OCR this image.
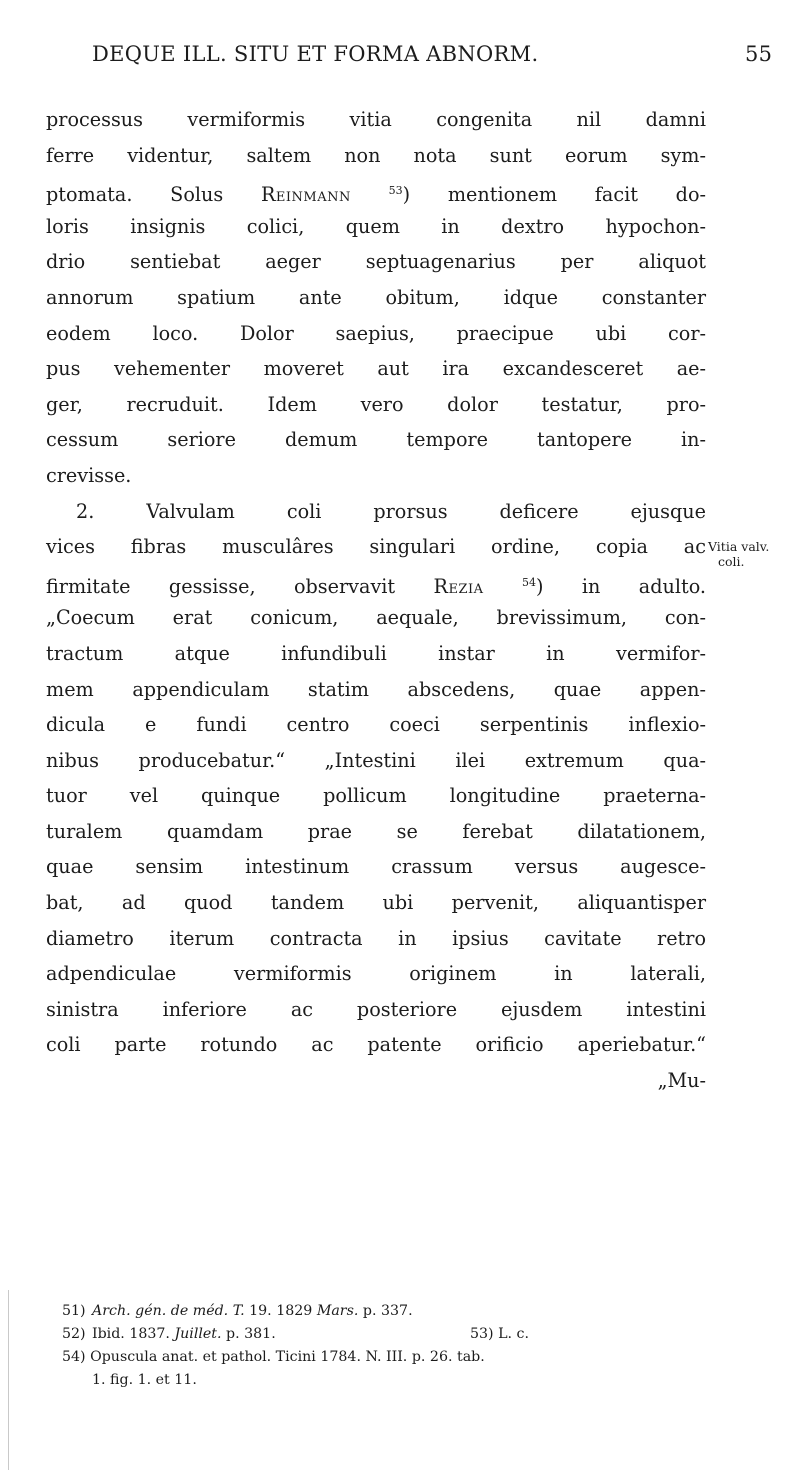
DEQUE ILL. SITU ET FORMA ABNORM.	55
processus vermiformis vitia congenita nil damni
ferre videntur, saltem non nota sunt eorum sym-
ptomata. Solus Reinmann	$^{53}$) mentionem facit do-
loris insignis colici, quem in dextro hypochon-
drio sentiebat aeger septuagenarius per aliquot
annorum spatium ante obitum, idque constanter
eodem loco. Dolor saepius, praecipue ubi cor-
pus vehementer moveret aut ira excandesceret ae-
ger, recruduit. Idem vero dolor testatur, pro-
cessum seriore demum tempore tantopere in-
crevisse.
2. Valvulam coli prorsus deficere ejusque
vices fibras musculâres singulari ordine, copia ac
firmitate gessisse, observavit Rezia	$^{54}$) in adulto.
„Coecum erat conicum, aequale, brevissimum, con-
tractum atque infundibuli instar in vermifor-
mem appendiculam statim abscedens, quae appen-
dicula e fundi centro coeci serpentinis inflexio-
nibus producebatur.“ „Intestini ilei extremum qua-
tuor vel quinque pollicum longitudine praeterna-
turalem quamdam prae se ferebat dilatationem,
quae sensim intestinum crassum versus augesce-
bat, ad quod tandem ubi pervenit, aliquantisper
diametro iterum contracta in ipsius cavitate retro
adpendiculae vermiformis originem in laterali,
sinistra inferiore ac posteriore ejusdem intestini
coli parte rotundo ac patente orificio aperiebatur.“
„Mu-
Vitia valv.
coli.
51) Arch. gén. de méd. T. 19. 1829 Mars. p. 337.
52) Ibid. 1837. Juillet. p. 381.	53) L. c.
54) Opuscula anat. et pathol. Ticini 1784. N. III. p. 26. tab.
1. fig. 1. et 11.
